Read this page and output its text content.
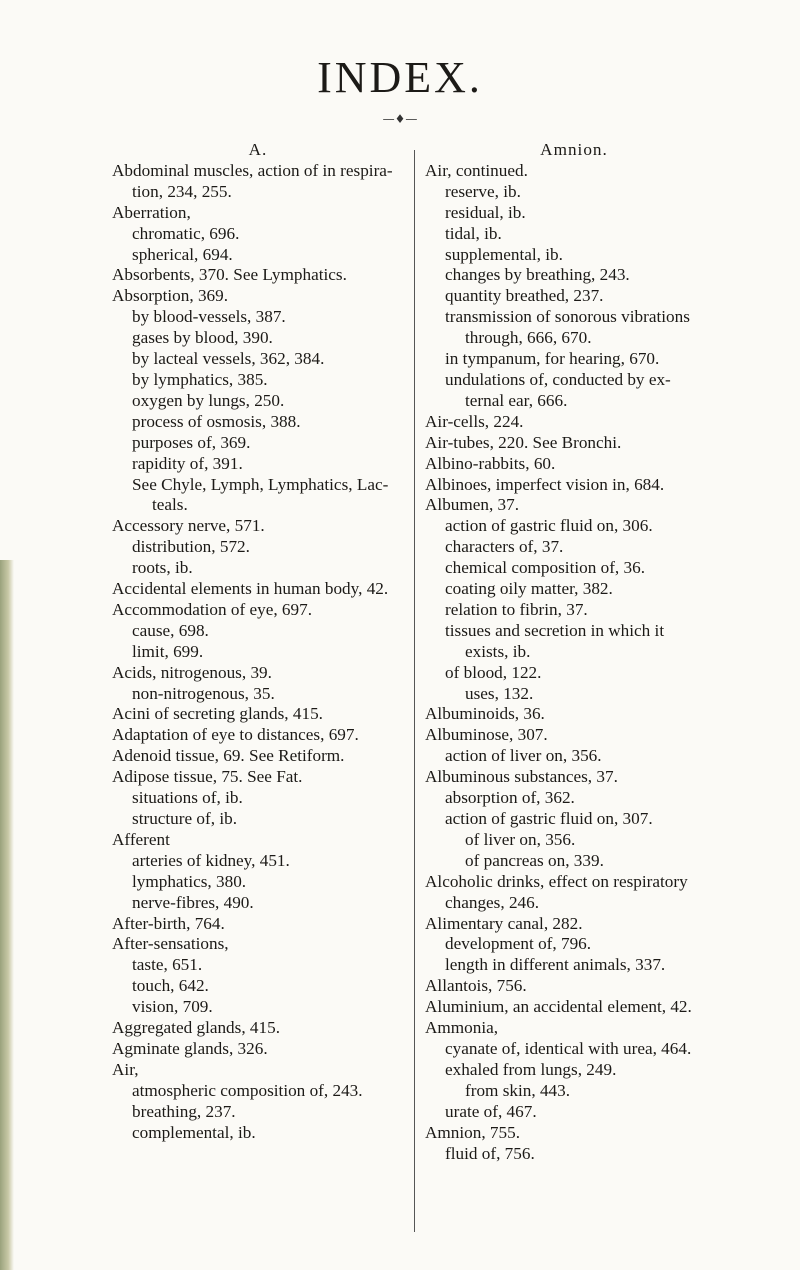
INDEX.
—♦—
A.
Abdominal muscles, action of in respira-
tion, 234, 255.
Aberration,
chromatic, 696.
spherical, 694.
Absorbents, 370. See Lymphatics.
Absorption, 369.
by blood-vessels, 387.
gases by blood, 390.
by lacteal vessels, 362, 384.
by lymphatics, 385.
oxygen by lungs, 250.
process of osmosis, 388.
purposes of, 369.
rapidity of, 391.
See Chyle, Lymph, Lymphatics, Lac-
teals.
Accessory nerve, 571.
distribution, 572.
roots, ib.
Accidental elements in human body, 42.
Accommodation of eye, 697.
cause, 698.
limit, 699.
Acids, nitrogenous, 39.
non-nitrogenous, 35.
Acini of secreting glands, 415.
Adaptation of eye to distances, 697.
Adenoid tissue, 69. See Retiform.
Adipose tissue, 75. See Fat.
situations of, ib.
structure of, ib.
Afferent
arteries of kidney, 451.
lymphatics, 380.
nerve-fibres, 490.
After-birth, 764.
After-sensations,
taste, 651.
touch, 642.
vision, 709.
Aggregated glands, 415.
Agminate glands, 326.
Air,
atmospheric composition of, 243.
breathing, 237.
complemental, ib.
Amnion.
Air, continued.
reserve, ib.
residual, ib.
tidal, ib.
supplemental, ib.
changes by breathing, 243.
quantity breathed, 237.
transmission of sonorous vibrations
through, 666, 670.
in tympanum, for hearing, 670.
undulations of, conducted by ex-
ternal ear, 666.
Air-cells, 224.
Air-tubes, 220. See Bronchi.
Albino-rabbits, 60.
Albinoes, imperfect vision in, 684.
Albumen, 37.
action of gastric fluid on, 306.
characters of, 37.
chemical composition of, 36.
coating oily matter, 382.
relation to fibrin, 37.
tissues and secretion in which it
exists, ib.
of blood, 122.
uses, 132.
Albuminoids, 36.
Albuminose, 307.
action of liver on, 356.
Albuminous substances, 37.
absorption of, 362.
action of gastric fluid on, 307.
of liver on, 356.
of pancreas on, 339.
Alcoholic drinks, effect on respiratory
changes, 246.
Alimentary canal, 282.
development of, 796.
length in different animals, 337.
Allantois, 756.
Aluminium, an accidental element, 42.
Ammonia,
cyanate of, identical with urea, 464.
exhaled from lungs, 249.
from skin, 443.
urate of, 467.
Amnion, 755.
fluid of, 756.
